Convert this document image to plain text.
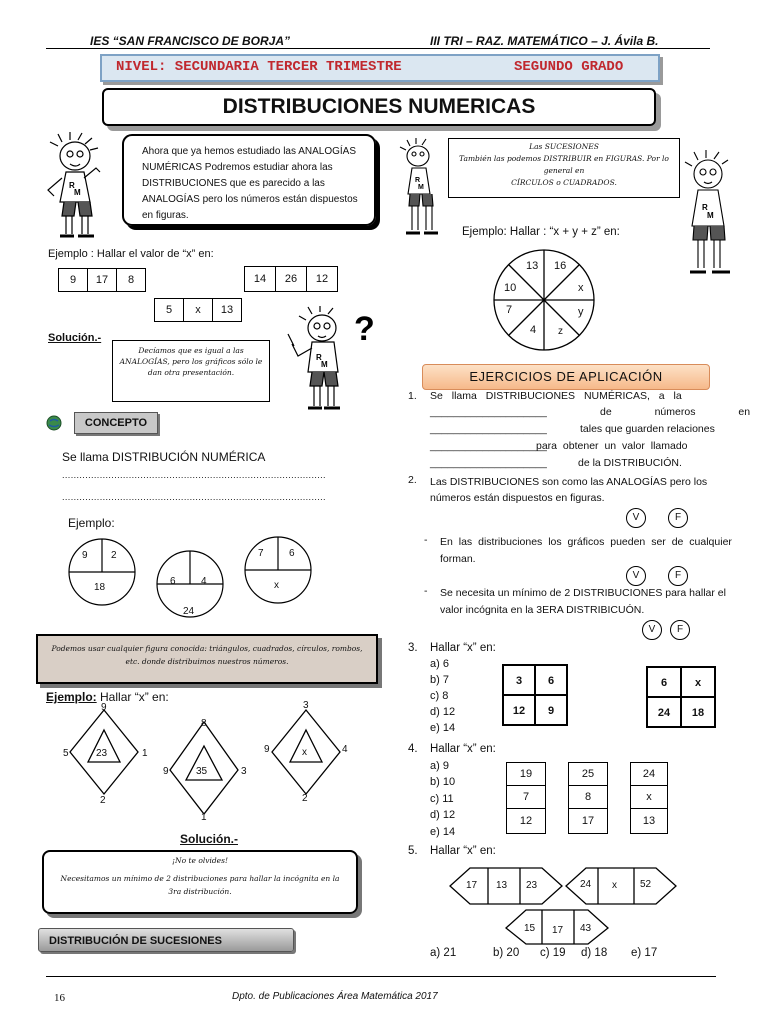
IES “SAN FRANCISCO DE BORJA”	III TRI – RAZ. MATEMÁTICO – J. Ávila B.
NIVEL: SECUNDARIA TERCER TRIMESTRE	SEGUNDO GRADO
DISTRIBUCIONES NUMERICAS
R
M
Ahora que ya hemos estudiado las ANALOGÍAS NUMÉRICAS Podremos estudiar ahora las DISTRIBUCIONES que es parecido a las ANALOGÍAS pero los números están dispuestos en figuras.
Ejemplo : Hallar el valor de “x” en:
9	17	8	14	26	12
5	x	13
Solución.-
Decíamos que es igual a las ANALOGÍAS, pero los gráficos sólo le dan otra presentación.
?
R
M
CONCEPTO
Se llama DISTRIBUCIÓN NUMÉRICA
...........................................................................................
...........................................................................................
Ejemplo:
9 2
18
6	4
24
7	6
x
Podemos usar cualquier figura conocida: triángulos, cuadrados, círculos, rombos, etc. donde distribuimos nuestros números.
Ejemplo: Hallar “x” en:
9
5	1
2
23
8
9	3
1
35
3
9	4
2
x
Solución.-
¡No te olvides!
Necesitamos un mínimo de 2 distribuciones para hallar la incógnita en la 3ra distribución.
DISTRIBUCIÓN DE SUCESIONES
R
M
Las SUCESIONES
También las podemos DISTRIBUIR en FIGURAS. Por lo
general en
CÍRCULOS o CUADRADOS.
R
M
Ejemplo: Hallar : “x + y + z” en:
13 16
x
y
z
4
7
10
EJERCICIOS DE APLICACIÓN
1. Se llama DISTRIBUCIONES NUMÉRICAS, a la
____________________	de números en
____________________	tales que guarden relaciones
____________________
para obtener un valor llamado
____________________	de la DISTRIBUCIÓN.
2. Las DISTRIBUCIONES son como las ANALOGÍAS pero los números están dispuestos en figuras.
V	F
- En las distribuciones los gráficos pueden ser de cualquier forman.
V	F
- Se necesita un mínimo de 2 DISTRIBUCIONES para hallar el valor incógnita en la 3ERA DISTRIBICUÓN.
V	F
3. Hallar “x” en:
a) 6
b) 7
c) 8
d) 12
e) 14
3	6
12	9
6	x
24	18
4. Hallar “x” en:
a) 9
b) 10
c) 11
d) 12
e) 14
19
7
12
25
8
17
24
x
13
5. Hallar “x” en:
17 13 23	24 x 52
15 17 43
a) 21	b) 20 c) 19 d) 18 e) 17
16	Dpto. de Publicaciones Área Matemática 2017
